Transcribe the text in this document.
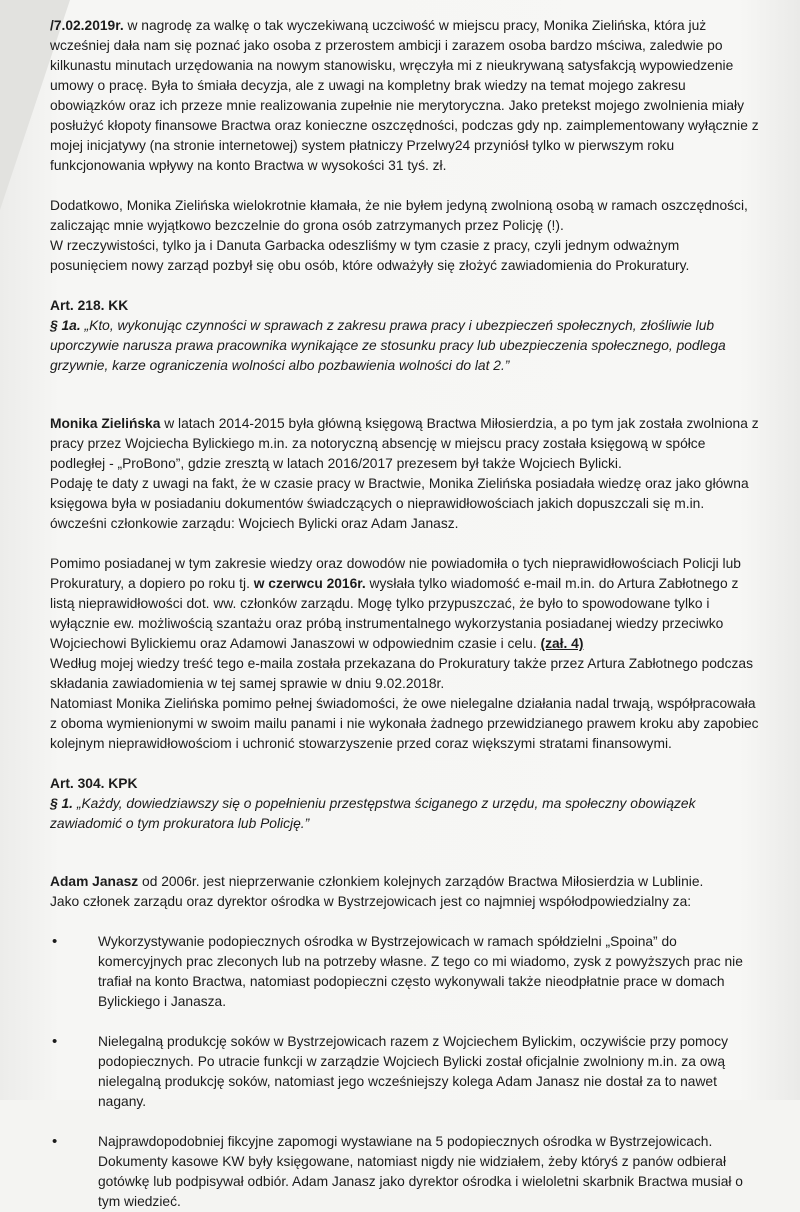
/7.02.2019r. w nagrodę za walkę o tak wyczekiwaną uczciwość w miejscu pracy, Monika Zielińska, która już wcześniej dała nam się poznać jako osoba z przerostem ambicji i zarazem osoba bardzo mściwa, zaledwie po kilkunastu minutach urzędowania na nowym stanowisku, wręczyła mi z nieukrywaną satysfakcją wypowiedzenie umowy o pracę. Była to śmiała decyzja, ale z uwagi na kompletny brak wiedzy na temat mojego zakresu obowiązków oraz ich przeze mnie realizowania zupełnie nie merytoryczna. Jako pretekst mojego zwolnienia miały posłużyć kłopoty finansowe Bractwa oraz konieczne oszczędności, podczas gdy np. zaimplementowany wyłącznie z mojej inicjatywy (na stronie internetowej) system płatniczy Przelwy24 przyniósł tylko w pierwszym roku funkcjonowania wpływy na konto Bractwa w wysokości 31 tyś. zł.

Dodatkowo, Monika Zielińska wielokrotnie kłamała, że nie byłem jedyną zwolnioną osobą w ramach oszczędności, zaliczając mnie wyjątkowo bezczelnie do grona osób zatrzymanych przez Policję (!).

W rzeczywistości, tylko ja i Danuta Garbacka odeszliśmy w tym czasie z pracy, czyli jednym odważnym posunięciem nowy zarząd pozbył się obu osób, które odważyły się złożyć zawiadomienia do Prokuratury.

Art. 218. KK

§ 1a. „Kto, wykonując czynności w sprawach z zakresu prawa pracy i ubezpieczeń społecznych, złośliwie lub uporczywie narusza prawa pracownika wynikające ze stosunku pracy lub ubezpieczenia społecznego, podlega grzywnie, karze ograniczenia wolności albo pozbawienia wolności do lat 2.”

Monika Zielińska w latach 2014-2015 była główną księgową Bractwa Miłosierdzia, a po tym jak została zwolniona z pracy przez Wojciecha Bylickiego m.in. za notoryczną absencję w miejscu pracy została księgową w spółce podległej - „ProBono”, gdzie zresztą w latach 2016/2017 prezesem był także Wojciech Bylicki.

Podaję te daty z uwagi na fakt, że w czasie pracy w Bractwie, Monika Zielińska posiadała wiedzę oraz jako główna księgowa była w posiadaniu dokumentów świadczących o nieprawidłowościach jakich dopuszczali się m.in. ówcześni członkowie zarządu: Wojciech Bylicki oraz Adam Janasz.

Pomimo posiadanej w tym zakresie wiedzy oraz dowodów nie powiadomiła o tych nieprawidłowościach Policji lub Prokuratury, a dopiero po roku tj. w czerwcu 2016r. wysłała tylko wiadomość e-mail m.in. do Artura Zabłotnego z listą nieprawidłowości dot. ww. członków zarządu. Mogę tylko przypuszczać, że było to spowodowane tylko i wyłącznie ew. możliwością szantażu oraz próbą instrumentalnego wykorzystania posiadanej wiedzy przeciwko Wojciechowi Bylickiemu oraz Adamowi Janaszowi w odpowiednim czasie i celu. (zał. 4)

Według mojej wiedzy treść tego e-maila została przekazana do Prokuratury także przez Artura Zabłotnego podczas składania zawiadomienia w tej samej sprawie w dniu 9.02.2018r.

Natomiast Monika Zielińska pomimo pełnej świadomości, że owe nielegalne działania nadal trwają, współpracowała z oboma wymienionymi w swoim mailu panami i nie wykonała żadnego przewidzianego prawem kroku aby zapobiec kolejnym nieprawidłowościom i uchronić stowarzyszenie przed coraz większymi stratami finansowymi.

Art. 304. KPK

§ 1. „Każdy, dowiedziawszy się o popełnieniu przestępstwa ściganego z urzędu, ma społeczny obowiązek zawiadomić o tym prokuratora lub Policję.”

Adam Janasz od 2006r. jest nieprzerwanie członkiem kolejnych zarządów Bractwa Miłosierdzia w Lublinie.

Jako członek zarządu oraz dyrektor ośrodka w Bystrzejowicach jest co najmniej współodpowiedzialny za:

• Wykorzystywanie podopiecznych ośrodka w Bystrzejowicach w ramach spółdzielni „Spoina” do komercyjnych prac zleconych lub na potrzeby własne. Z tego co mi wiadomo, zysk z powyższych prac nie trafiał na konto Bractwa, natomiast podopieczni często wykonywali także nieodpłatnie prace w domach Bylickiego i Janasza.
• Nielegalną produkcję soków w Bystrzejowicach razem z Wojciechem Bylickim, oczywiście przy pomocy podopiecznych. Po utracie funkcji w zarządzie Wojciech Bylicki został oficjalnie zwolniony m.in. za ową nielegalną produkcję soków, natomiast jego wcześniejszy kolega Adam Janasz nie dostał za to nawet nagany.
• Najprawdopodobniej fikcyjne zapomogi wystawiane na 5 podopiecznych ośrodka w Bystrzejowicach. Dokumenty kasowe KW były księgowane, natomiast nigdy nie widziałem, żeby któryś z panów odbierał gotówkę lub podpisywał odbiór. Adam Janasz jako dyrektor ośrodka i wieloletni skarbnik Bractwa musiał o tym wiedzieć.
